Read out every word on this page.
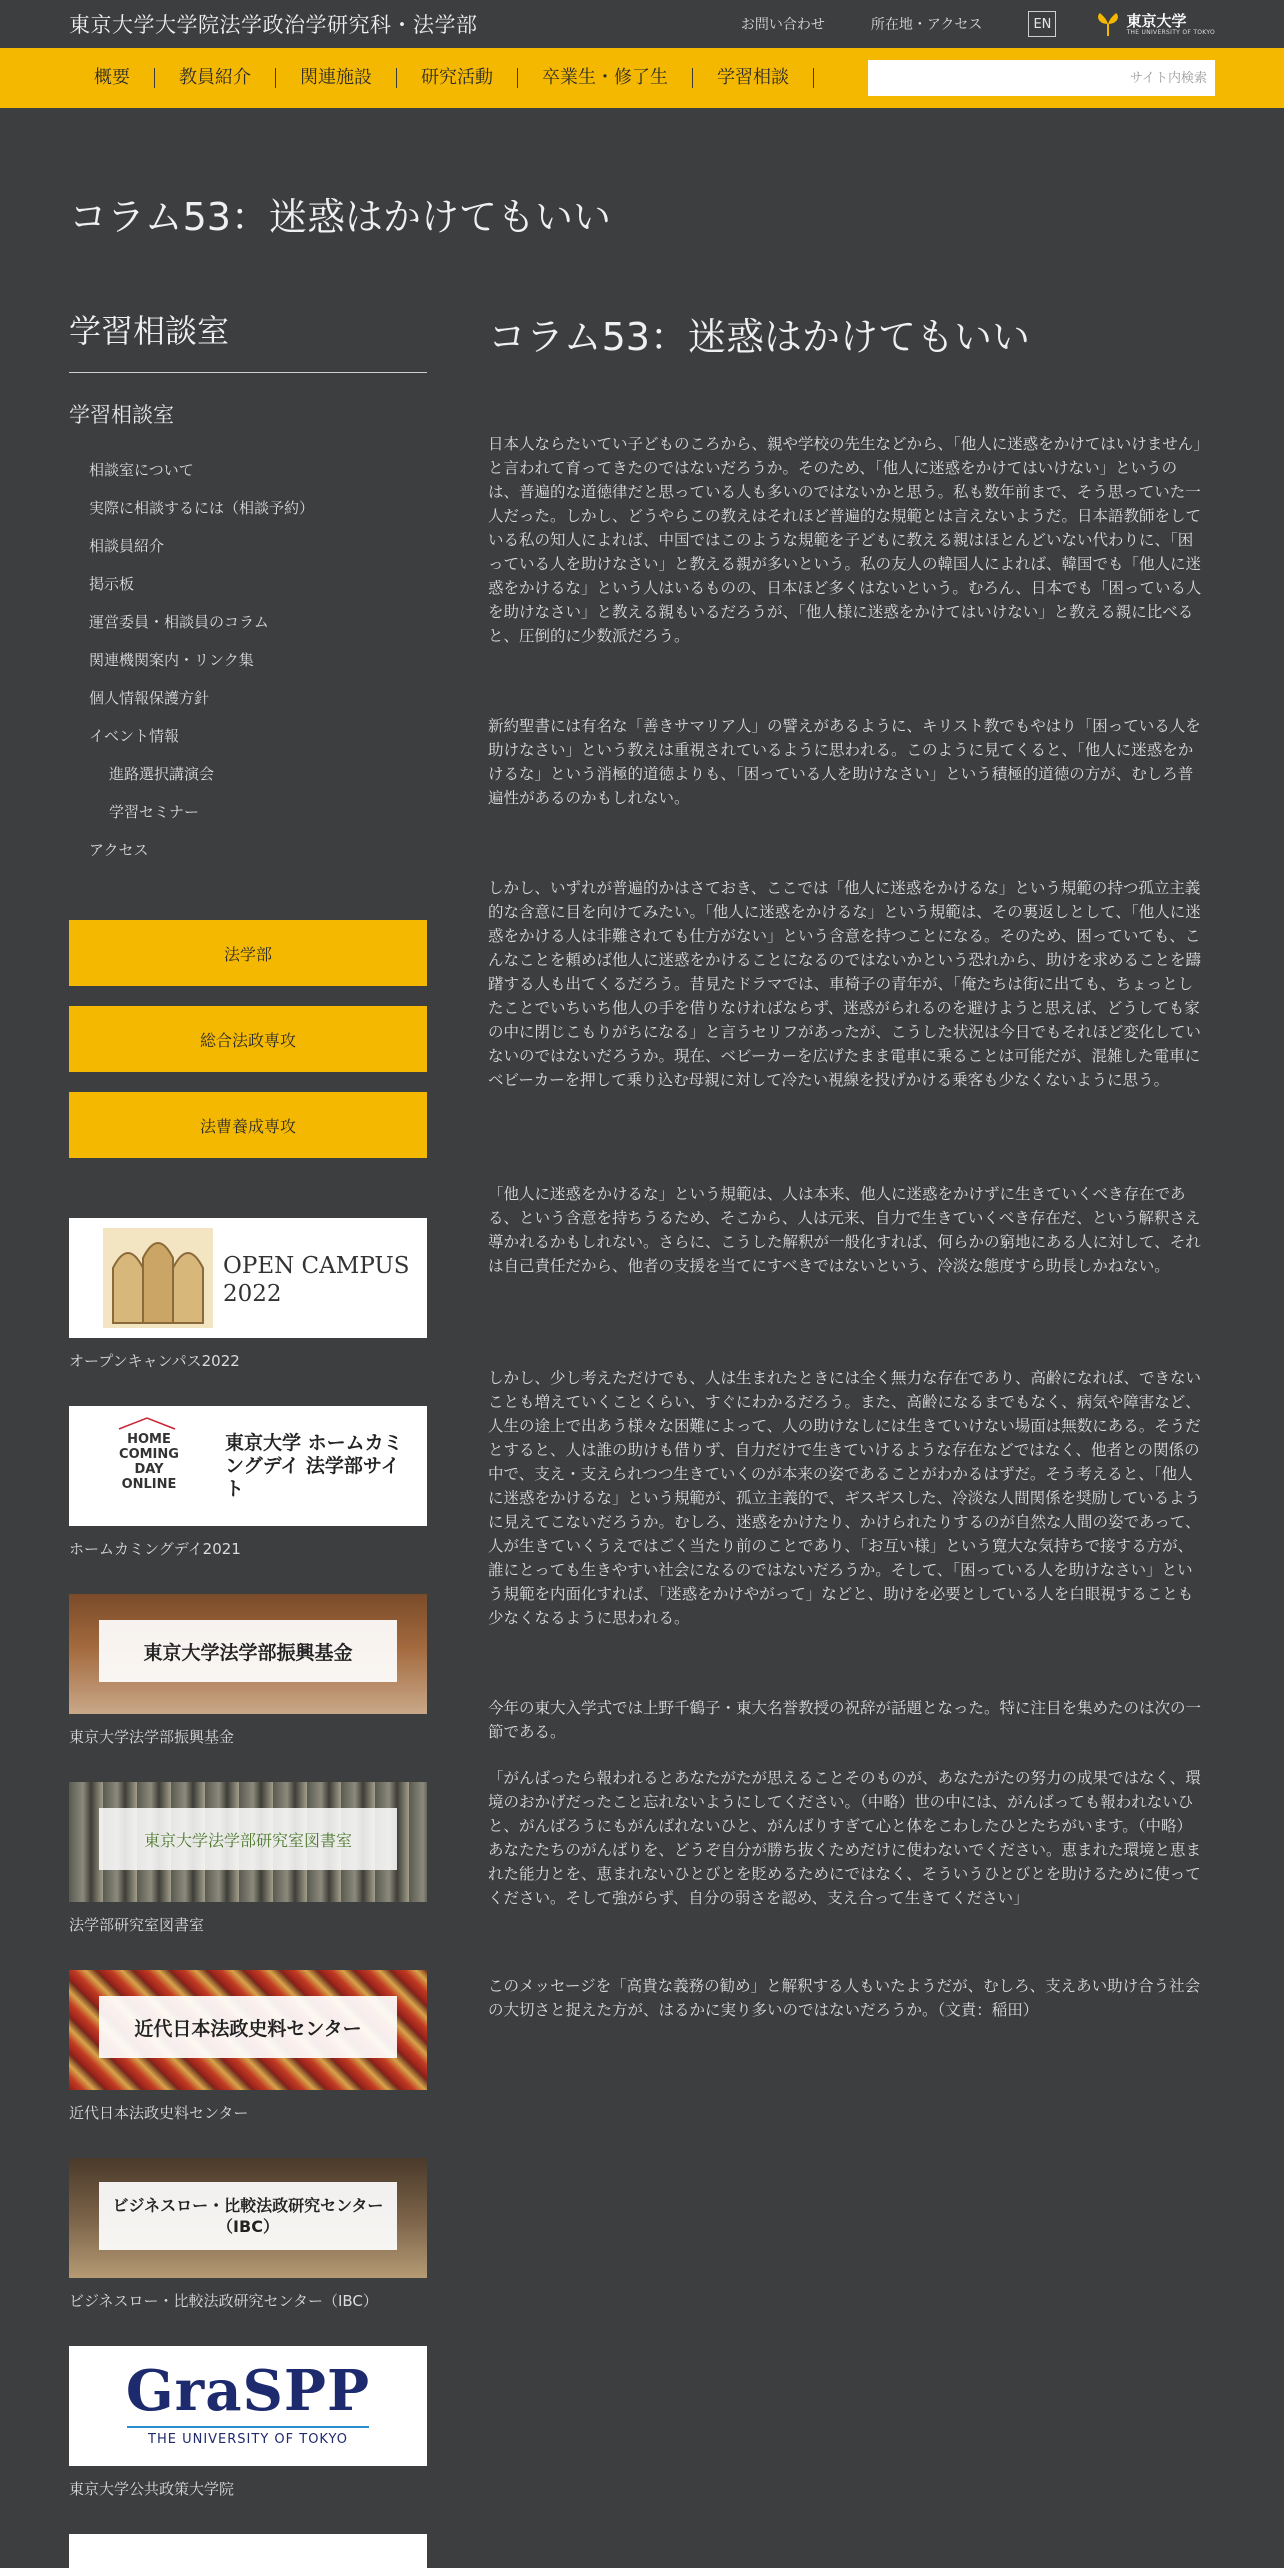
東京大学大学院法学政治学研究科・法学部	お問い合わせ	所在地・アクセス	EN	東京大学
THE UNIVERSITY OF TOKYO
概要	教員紹介	関連施設	研究活動	卒業生・修了生	学習相談
サイト内検索
コラム53：迷惑はかけてもいい
学習相談室
学習相談室
相談室について
実際に相談するには（相談予約）
相談員紹介
掲示板
運営委員・相談員のコラム
関連機関案内・リンク集
個人情報保護方針
イベント情報
進路選択講演会
学習セミナー
アクセス
法学部
総合法政専攻
法曹養成専攻
OPEN CAMPUS 2022
オープンキャンパス2022
HOME COMING DAY ONLINE
東京大学 ホームカミングデイ 法学部サイト
ホームカミングデイ2021
東京大学法学部振興基金
東京大学法学部振興基金
東京大学法学部研究室図書室
法学部研究室図書室
近代日本法政史料センター
近代日本法政史料センター
ビジネスロー・比較法政研究センター（IBC）
ビジネスロー・比較法政研究センター（IBC）
GraSPP
THE UNIVERSITY OF TOKYO
東京大学公共政策大学院
コラム53：迷惑はかけてもいい

日本人ならたいてい子どものころから、親や学校の先生などから、「他人に迷惑をかけてはいけません」と言われて育ってきたのではないだろうか。そのため、「他人に迷惑をかけてはいけない」というのは、普遍的な道徳律だと思っている人も多いのではないかと思う。私も数年前まで、そう思っていた一人だった。しかし、どうやらこの教えはそれほど普遍的な規範とは言えないようだ。日本語教師をしている私の知人によれば、中国ではこのような規範を子どもに教える親はほとんどいない代わりに、「困っている人を助けなさい」と教える親が多いという。私の友人の韓国人によれば、韓国でも「他人に迷惑をかけるな」という人はいるものの、日本ほど多くはないという。むろん、日本でも「困っている人を助けなさい」と教える親もいるだろうが、「他人様に迷惑をかけてはいけない」と教える親に比べると、圧倒的に少数派だろう。

新約聖書には有名な「善きサマリア人」の譬えがあるように、キリスト教でもやはり「困っている人を助けなさい」という教えは重視されているように思われる。このように見てくると、「他人に迷惑をかけるな」という消極的道徳よりも、「困っている人を助けなさい」という積極的道徳の方が、むしろ普遍性があるのかもしれない。

しかし、いずれが普遍的かはさておき、ここでは「他人に迷惑をかけるな」という規範の持つ孤立主義的な含意に目を向けてみたい。「他人に迷惑をかけるな」という規範は、その裏返しとして、「他人に迷惑をかける人は非難されても仕方がない」という含意を持つことになる。そのため、困っていても、こんなことを頼めば他人に迷惑をかけることになるのではないかという恐れから、助けを求めることを躊躇する人も出てくるだろう。昔見たドラマでは、車椅子の青年が、「俺たちは街に出ても、ちょっとしたことでいちいち他人の手を借りなければならず、迷惑がられるのを避けようと思えば、どうしても家の中に閉じこもりがちになる」と言うセリフがあったが、こうした状況は今日でもそれほど変化していないのではないだろうか。現在、ベビーカーを広げたまま電車に乗ることは可能だが、混雑した電車にベビーカーを押して乗り込む母親に対して冷たい視線を投げかける乗客も少なくないように思う。

「他人に迷惑をかけるな」という規範は、人は本来、他人に迷惑をかけずに生きていくべき存在である、という含意を持ちうるため、そこから、人は元来、自力で生きていくべき存在だ、という解釈さえ導かれるかもしれない。さらに、こうした解釈が一般化すれば、何らかの窮地にある人に対して、それは自己責任だから、他者の支援を当てにすべきではないという、冷淡な態度すら助長しかねない。

しかし、少し考えただけでも、人は生まれたときには全く無力な存在であり、高齢になれば、できないことも増えていくことくらい、すぐにわかるだろう。また、高齢になるまでもなく、病気や障害など、人生の途上で出あう様々な困難によって、人の助けなしには生きていけない場面は無数にある。そうだとすると、人は誰の助けも借りず、自力だけで生きていけるような存在などではなく、他者との関係の中で、支え・支えられつつ生きていくのが本来の姿であることがわかるはずだ。そう考えると、「他人に迷惑をかけるな」という規範が、孤立主義的で、ギスギスした、冷淡な人間関係を奨励しているように見えてこないだろうか。むしろ、迷惑をかけたり、かけられたりするのが自然な人間の姿であって、人が生きていくうえではごく当たり前のことであり、「お互い様」という寛大な気持ちで接する方が、誰にとっても生きやすい社会になるのではないだろうか。そして、「困っている人を助けなさい」という規範を内面化すれば、「迷惑をかけやがって」などと、助けを必要としている人を白眼視することも少なくなるように思われる。

今年の東大入学式では上野千鶴子・東大名誉教授の祝辞が話題となった。特に注目を集めたのは次の一節である。

「がんばったら報われるとあなたがたが思えることそのものが、あなたがたの努力の成果ではなく、環境のおかげだったこと忘れないようにしてください。（中略）世の中には、がんばっても報われないひと、がんばろうにもがんばれないひと、がんばりすぎて心と体をこわしたひとたちがいます。（中略）あなたたちのがんばりを、どうぞ自分が勝ち抜くためだけに使わないでください。恵まれた環境と恵まれた能力とを、恵まれないひとびとを貶めるためにではなく、そういうひとびとを助けるために使ってください。そして強がらず、自分の弱さを認め、支え合って生きてください」

このメッセージを「高貴な義務の勧め」と解釈する人もいたようだが、むしろ、支えあい助け合う社会の大切さと捉えた方が、はるかに実り多いのではないだろうか。（文責：稲田）
